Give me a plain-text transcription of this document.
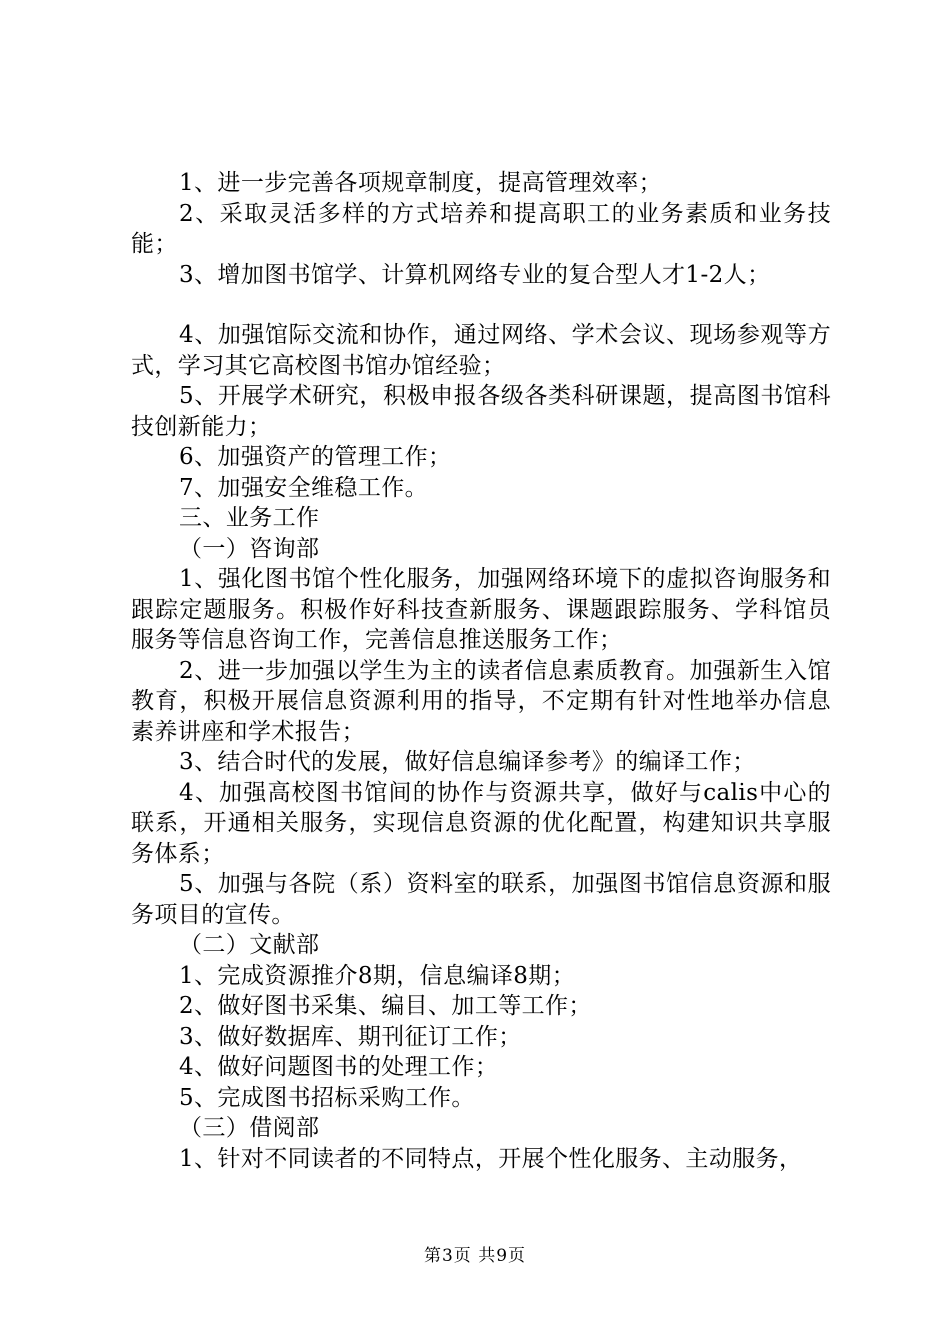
1、进一步完善各项规章制度，提高管理效率；

2、采取灵活多样的方式培养和提高职工的业务素质和业务技能；

3、增加图书馆学、计算机网络专业的复合型人才1-2人；

4、加强馆际交流和协作，通过网络、学术会议、现场参观等方式，学习其它高校图书馆办馆经验；

5、开展学术研究，积极申报各级各类科研课题，提高图书馆科技创新能力；

6、加强资产的管理工作；

7、加强安全维稳工作。

三、业务工作

（一）咨询部

1、强化图书馆个性化服务，加强网络环境下的虚拟咨询服务和跟踪定题服务。积极作好科技查新服务、课题跟踪服务、学科馆员服务等信息咨询工作，完善信息推送服务工作；

2、进一步加强以学生为主的读者信息素质教育。加强新生入馆教育，积极开展信息资源利用的指导，不定期有针对性地举办信息素养讲座和学术报告；

3、结合时代的发展，做好信息编译参考》的编译工作；

4、加强高校图书馆间的协作与资源共享，做好与calis中心的联系，开通相关服务，实现信息资源的优化配置，构建知识共享服务体系；

5、加强与各院（系）资料室的联系，加强图书馆信息资源和服务项目的宣传。

（二）文献部

1、完成资源推介8期，信息编译8期；

2、做好图书采集、编目、加工等工作；

3、做好数据库、期刊征订工作；

4、做好问题图书的处理工作；

5、完成图书招标采购工作。

（三）借阅部

1、针对不同读者的不同特点，开展个性化服务、主动服务，

第3页 共9页
